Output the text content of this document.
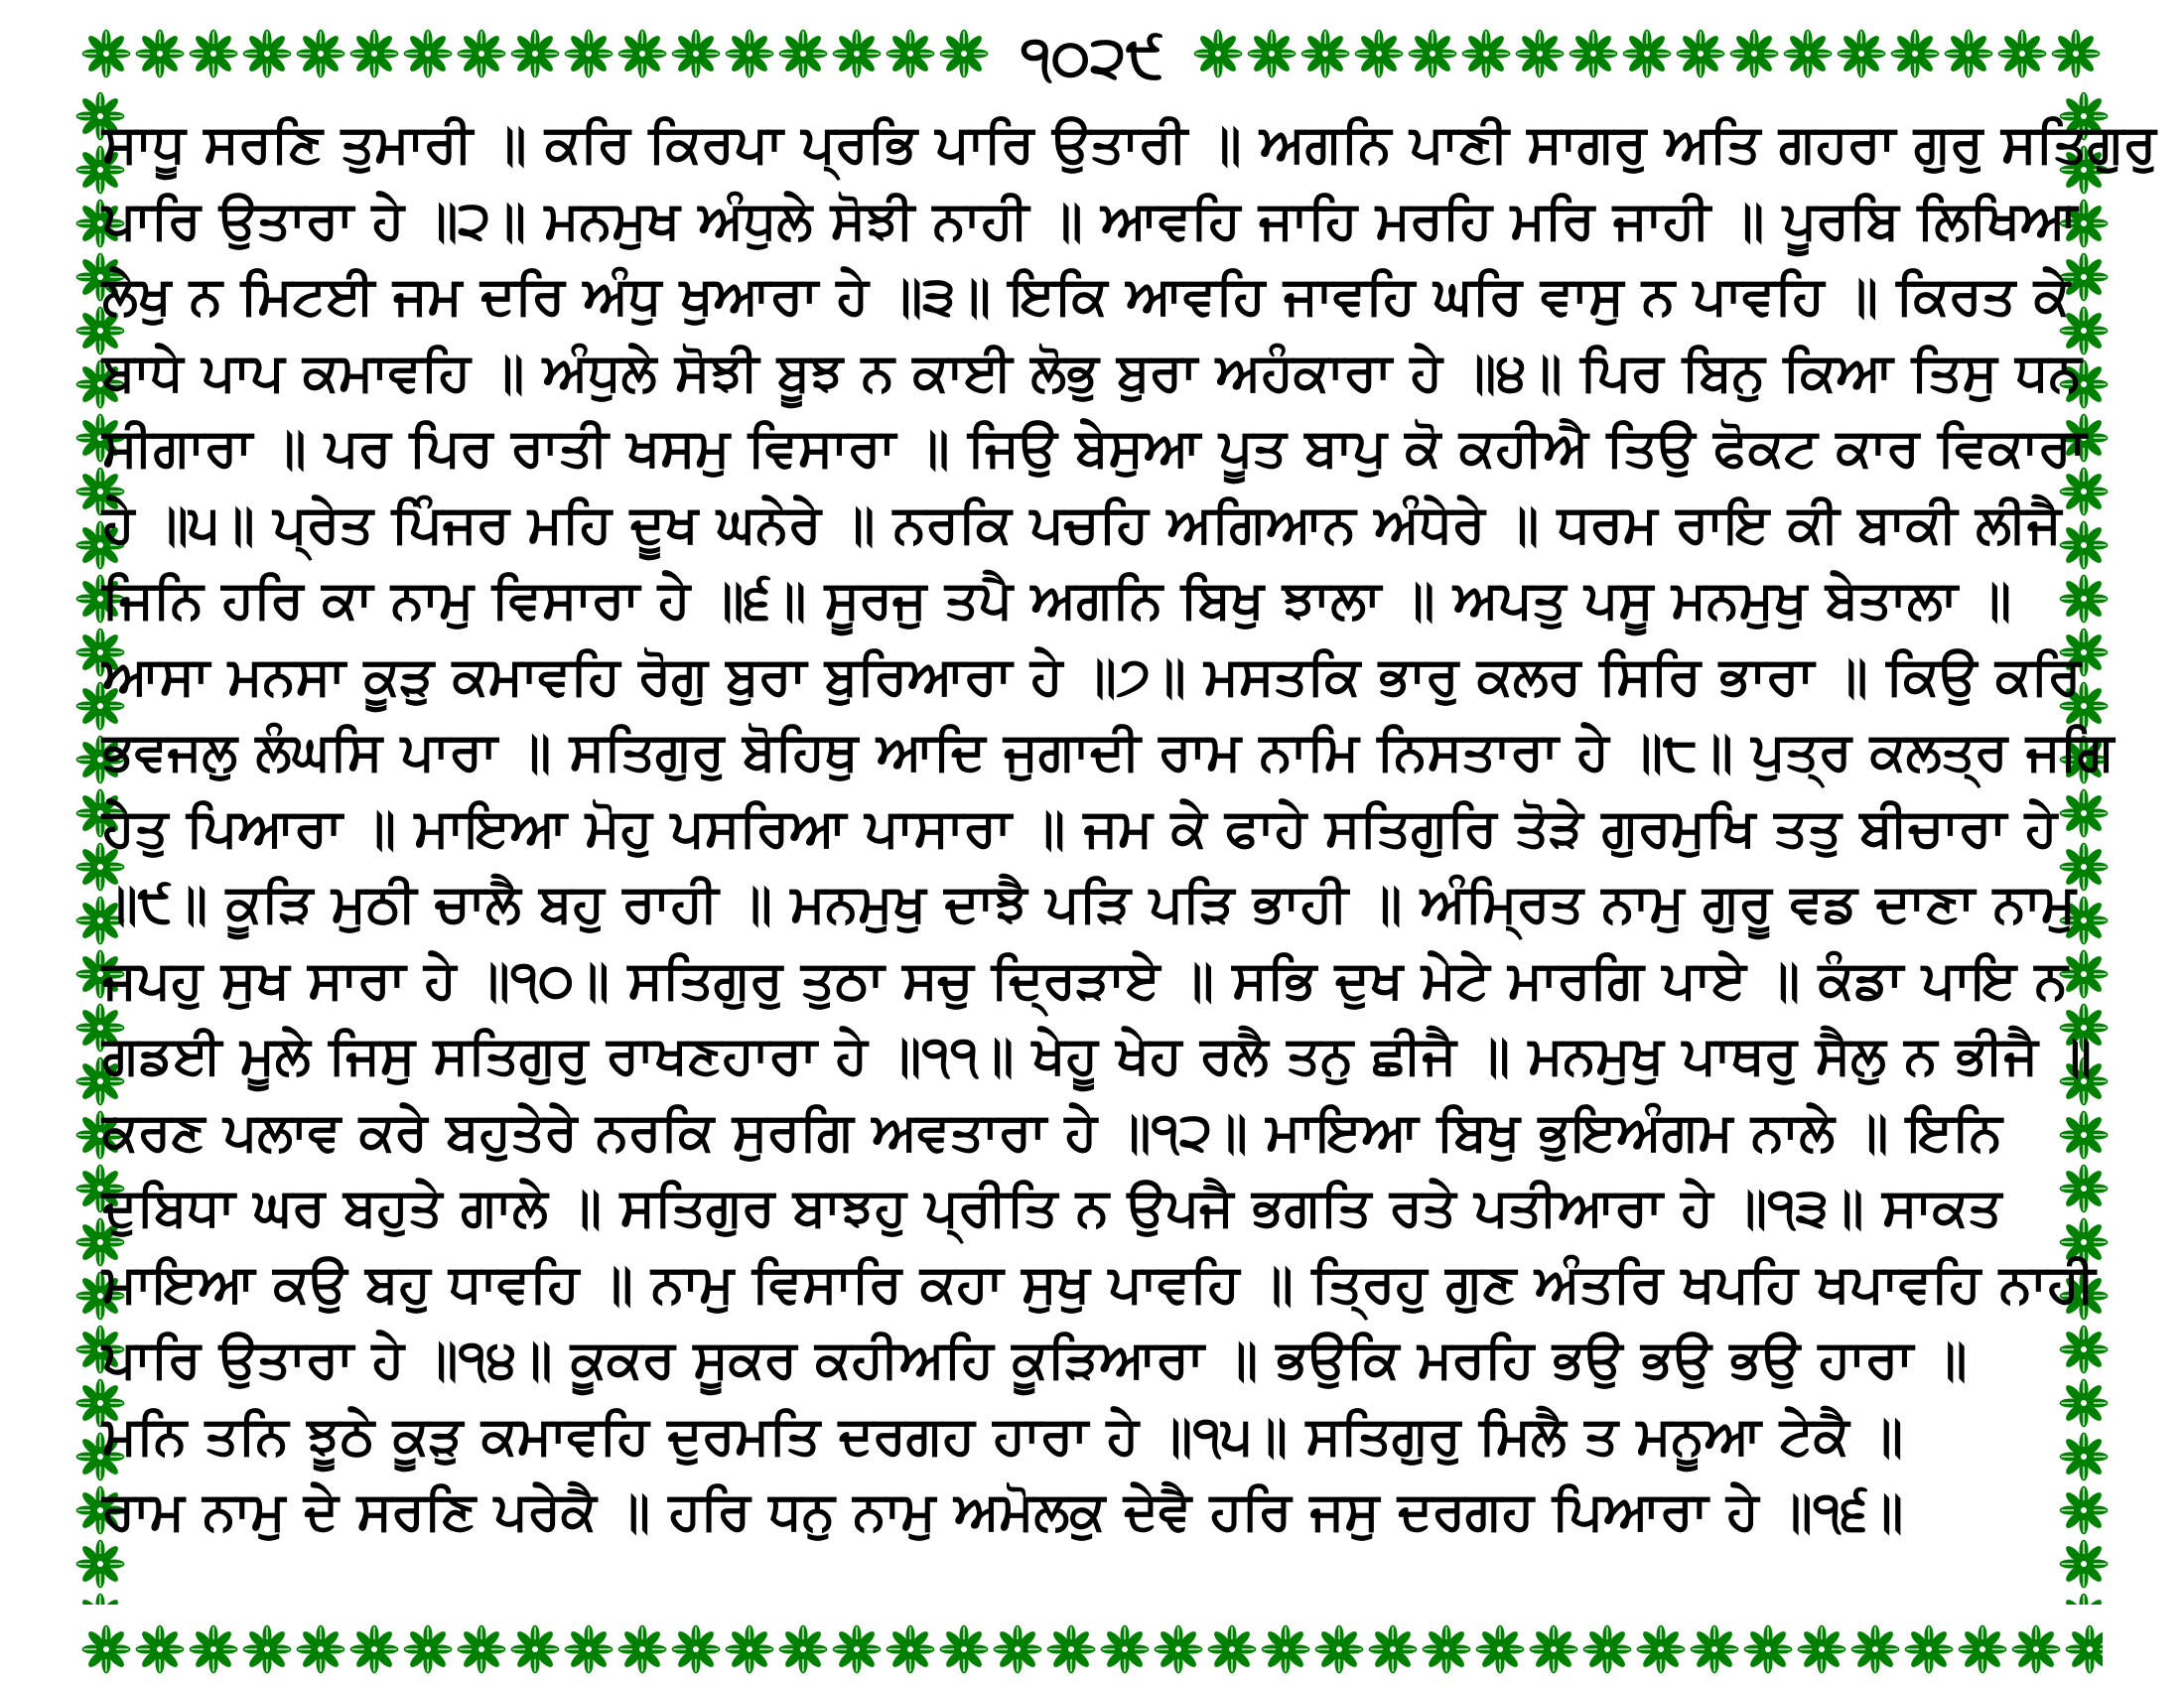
੧੦੨੯
ਸਾਧੂ ਸਰਣਿ ਤੁਮਾਰੀ ॥ ਕਰਿ ਕਿਰਪਾ ਪ੍ਰਭਿ ਪਾਰਿ ਉਤਾਰੀ ॥ ਅਗਨਿ ਪਾਣੀ ਸਾਗਰੁ ਅਤਿ ਗਹਰਾ ਗੁਰੁ ਸਤਿਗੁਰੁ
ਪਾਰਿ ਉਤਾਰਾ ਹੇ ॥੨॥ ਮਨਮੁਖ ਅੰਧੁਲੇ ਸੋਝੀ ਨਾਹੀ ॥ ਆਵਹਿ ਜਾਹਿ ਮਰਹਿ ਮਰਿ ਜਾਹੀ ॥ ਪੂਰਬਿ ਲਿਖਿਆ
ਲੇਖੁ ਨ ਮਿਟਈ ਜਮ ਦਰਿ ਅੰਧੁ ਖੁਆਰਾ ਹੇ ॥੩॥ ਇਕਿ ਆਵਹਿ ਜਾਵਹਿ ਘਰਿ ਵਾਸੁ ਨ ਪਾਵਹਿ ॥ ਕਿਰਤ ਕੇ
ਬਾਧੇ ਪਾਪ ਕਮਾਵਹਿ ॥ ਅੰਧੁਲੇ ਸੋਝੀ ਬੂਝ ਨ ਕਾਈ ਲੋਭੁ ਬੁਰਾ ਅਹੰਕਾਰਾ ਹੇ ॥੪॥ ਪਿਰ ਬਿਨੁ ਕਿਆ ਤਿਸੁ ਧਨ
ਸੀਗਾਰਾ ॥ ਪਰ ਪਿਰ ਰਾਤੀ ਖਸਮੁ ਵਿਸਾਰਾ ॥ ਜਿਉ ਬੇਸੁਆ ਪੂਤ ਬਾਪੁ ਕੋ ਕਹੀਐ ਤਿਉ ਫੋਕਟ ਕਾਰ ਵਿਕਾਰਾ
ਹੇ ॥੫॥ ਪ੍ਰੇਤ ਪਿੰਜਰ ਮਹਿ ਦੂਖ ਘਨੇਰੇ ॥ ਨਰਕਿ ਪਚਹਿ ਅਗਿਆਨ ਅੰਧੇਰੇ ॥ ਧਰਮ ਰਾਇ ਕੀ ਬਾਕੀ ਲੀਜੈ
ਜਿਨਿ ਹਰਿ ਕਾ ਨਾਮੁ ਵਿਸਾਰਾ ਹੇ ॥੬॥ ਸੂਰਜੁ ਤਪੈ ਅਗਨਿ ਬਿਖੁ ਝਾਲਾ ॥ ਅਪਤੁ ਪਸੂ ਮਨਮੁਖੁ ਬੇਤਾਲਾ ॥
ਆਸਾ ਮਨਸਾ ਕੂੜੁ ਕਮਾਵਹਿ ਰੋਗੁ ਬੁਰਾ ਬੁਰਿਆਰਾ ਹੇ ॥੭॥ ਮਸਤਕਿ ਭਾਰੁ ਕਲਰ ਸਿਰਿ ਭਾਰਾ ॥ ਕਿਉ ਕਰਿ
ਭਵਜਲੁ ਲੰਘਸਿ ਪਾਰਾ ॥ ਸਤਿਗੁਰੁ ਬੋਹਿਥੁ ਆਦਿ ਜੁਗਾਦੀ ਰਾਮ ਨਾਮਿ ਨਿਸਤਾਰਾ ਹੇ ॥੮॥ ਪੁਤ੍ਰ ਕਲਤ੍ਰ ਜਗਿ
ਹੇਤੁ ਪਿਆਰਾ ॥ ਮਾਇਆ ਮੋਹੁ ਪਸਰਿਆ ਪਾਸਾਰਾ ॥ ਜਮ ਕੇ ਫਾਹੇ ਸਤਿਗੁਰਿ ਤੋੜੇ ਗੁਰਮੁਖਿ ਤਤੁ ਬੀਚਾਰਾ ਹੇ
॥੯॥ ਕੂੜਿ ਮੁਠੀ ਚਾਲੈ ਬਹੁ ਰਾਹੀ ॥ ਮਨਮੁਖੁ ਦਾਝੈ ਪੜਿ ਪੜਿ ਭਾਹੀ ॥ ਅੰਮ੍ਰਿਤ ਨਾਮੁ ਗੁਰੂ ਵਡ ਦਾਣਾ ਨਾਮੁ
ਜਪਹੁ ਸੁਖ ਸਾਰਾ ਹੇ ॥੧੦॥ ਸਤਿਗੁਰੁ ਤੁਠਾ ਸਚੁ ਦ੍ਰਿੜਾਏ ॥ ਸਭਿ ਦੁਖ ਮੇਟੇ ਮਾਰਗਿ ਪਾਏ ॥ ਕੰਡਾ ਪਾਇ ਨ
ਗਡਈ ਮੂਲੇ ਜਿਸੁ ਸਤਿਗੁਰੁ ਰਾਖਣਹਾਰਾ ਹੇ ॥੧੧॥ ਖੇਹੂ ਖੇਹ ਰਲੈ ਤਨੁ ਛੀਜੈ ॥ ਮਨਮੁਖੁ ਪਾਥਰੁ ਸੈਲੁ ਨ ਭੀਜੈ ॥
ਕਰਣ ਪਲਾਵ ਕਰੇ ਬਹੁਤੇਰੇ ਨਰਕਿ ਸੁਰਗਿ ਅਵਤਾਰਾ ਹੇ ॥੧੨॥ ਮਾਇਆ ਬਿਖੁ ਭੁਇਅੰਗਮ ਨਾਲੇ ॥ ਇਨਿ
ਦੁਬਿਧਾ ਘਰ ਬਹੁਤੇ ਗਾਲੇ ॥ ਸਤਿਗੁਰ ਬਾਝਹੁ ਪ੍ਰੀਤਿ ਨ ਉਪਜੈ ਭਗਤਿ ਰਤੇ ਪਤੀਆਰਾ ਹੇ ॥੧੩॥ ਸਾਕਤ
ਮਾਇਆ ਕਉ ਬਹੁ ਧਾਵਹਿ ॥ ਨਾਮੁ ਵਿਸਾਰਿ ਕਹਾ ਸੁਖੁ ਪਾਵਹਿ ॥ ਤ੍ਰਿਹੁ ਗੁਣ ਅੰਤਰਿ ਖਪਹਿ ਖਪਾਵਹਿ ਨਾਹੀ
ਪਾਰਿ ਉਤਾਰਾ ਹੇ ॥੧੪॥ ਕੂਕਰ ਸੂਕਰ ਕਹੀਅਹਿ ਕੂੜਿਆਰਾ ॥ ਭਉਕਿ ਮਰਹਿ ਭਉ ਭਉ ਭਉ ਹਾਰਾ ॥
ਮਨਿ ਤਨਿ ਝੂਠੇ ਕੂੜੁ ਕਮਾਵਹਿ ਦੁਰਮਤਿ ਦਰਗਹ ਹਾਰਾ ਹੇ ॥੧੫॥ ਸਤਿਗੁਰੁ ਮਿਲੈ ਤ ਮਨੂਆ ਟੇਕੈ ॥
ਰਾਮ ਨਾਮੁ ਦੇ ਸਰਣਿ ਪਰੇਕੈ ॥ ਹਰਿ ਧਨੁ ਨਾਮੁ ਅਮੋਲਕੁ ਦੇਵੈ ਹਰਿ ਜਸੁ ਦਰਗਹ ਪਿਆਰਾ ਹੇ ॥੧੬॥
